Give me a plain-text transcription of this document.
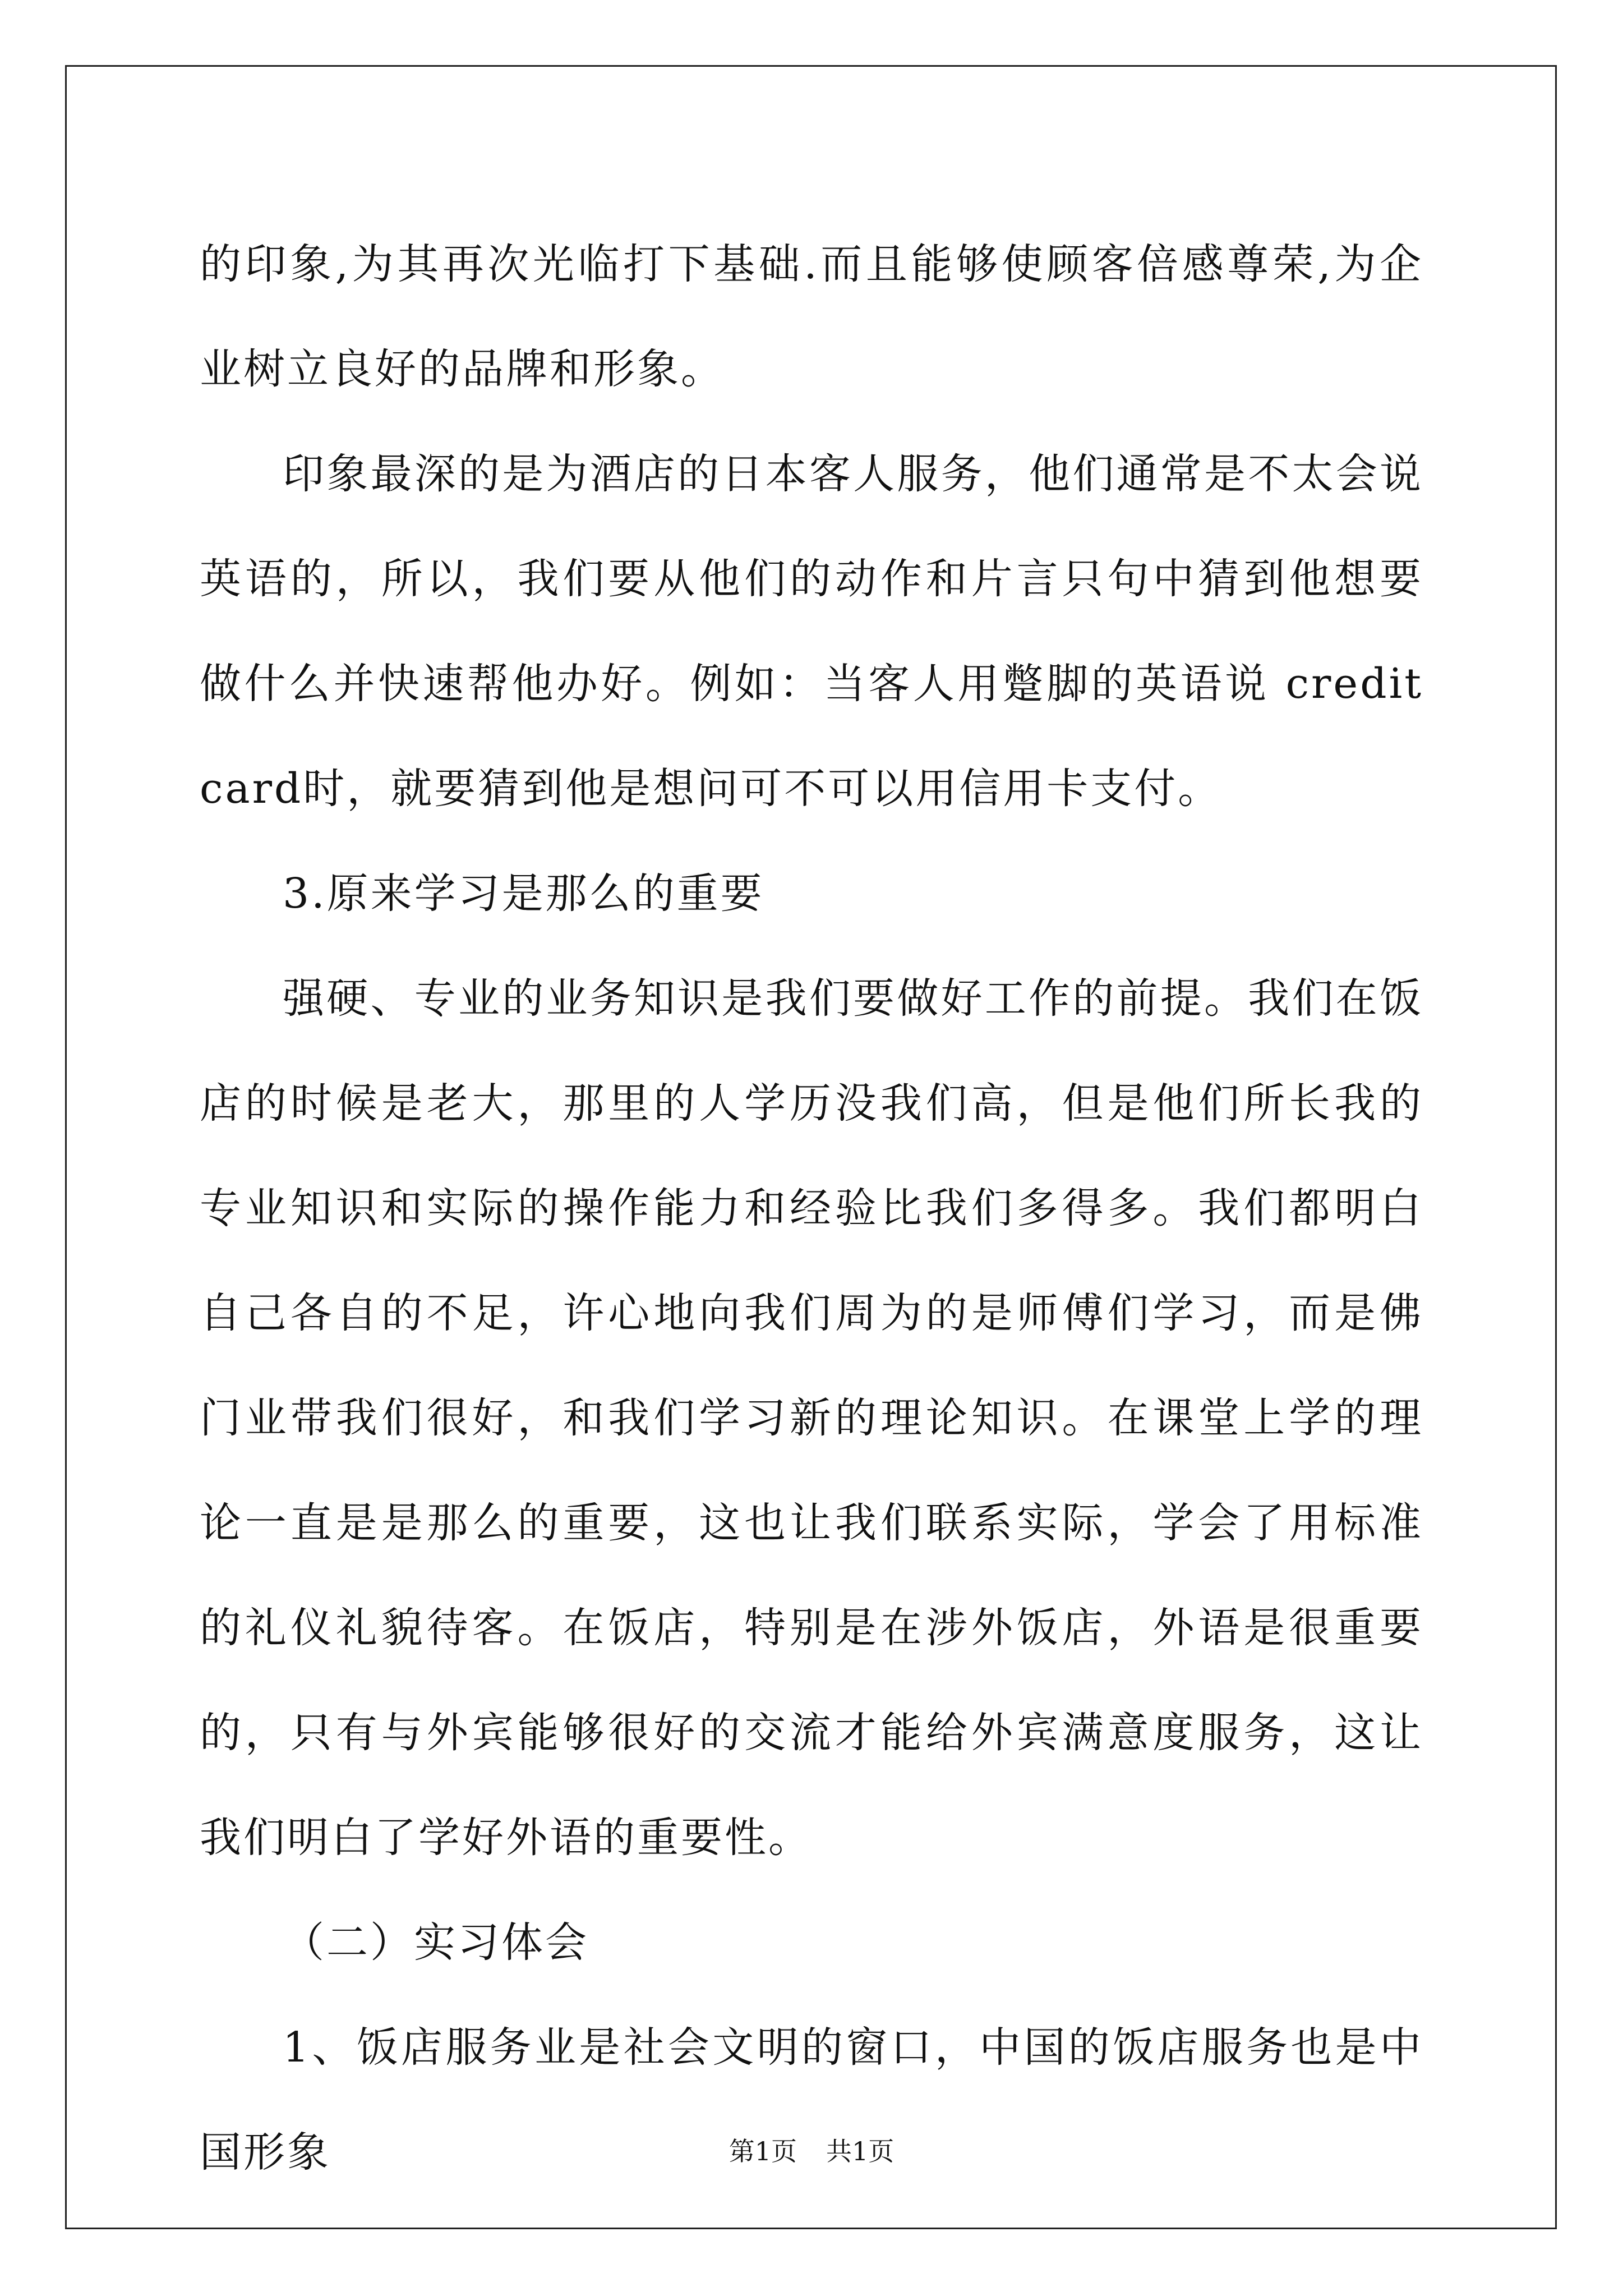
的印象,为其再次光临打下基础.而且能够使顾客倍感尊荣,为企业树立良好的品牌和形象。

印象最深的是为酒店的日本客人服务，他们通常是不太会说英语的，所以，我们要从他们的动作和片言只句中猜到他想要做什么并快速帮他办好。例如：当客人用蹩脚的英语说 credit card时，就要猜到他是想问可不可以用信用卡支付。

3.原来学习是那么的重要

强硬、专业的业务知识是我们要做好工作的前提。我们在饭店的时候是老大，那里的人学历没我们高，但是他们所长我的专业知识和实际的操作能力和经验比我们多得多。我们都明白自己各自的不足，许心地向我们周为的是师傅们学习，而是佛门业带我们很好，和我们学习新的理论知识。在课堂上学的理论一直是是那么的重要，这也让我们联系实际，学会了用标准的礼仪礼貌待客。在饭店，特别是在涉外饭店，外语是很重要的，只有与外宾能够很好的交流才能给外宾满意度服务，这让我们明白了学好外语的重要性。

（二）实习体会

1、饭店服务业是社会文明的窗口，中国的饭店服务也是中国形象	第1页 共1页
